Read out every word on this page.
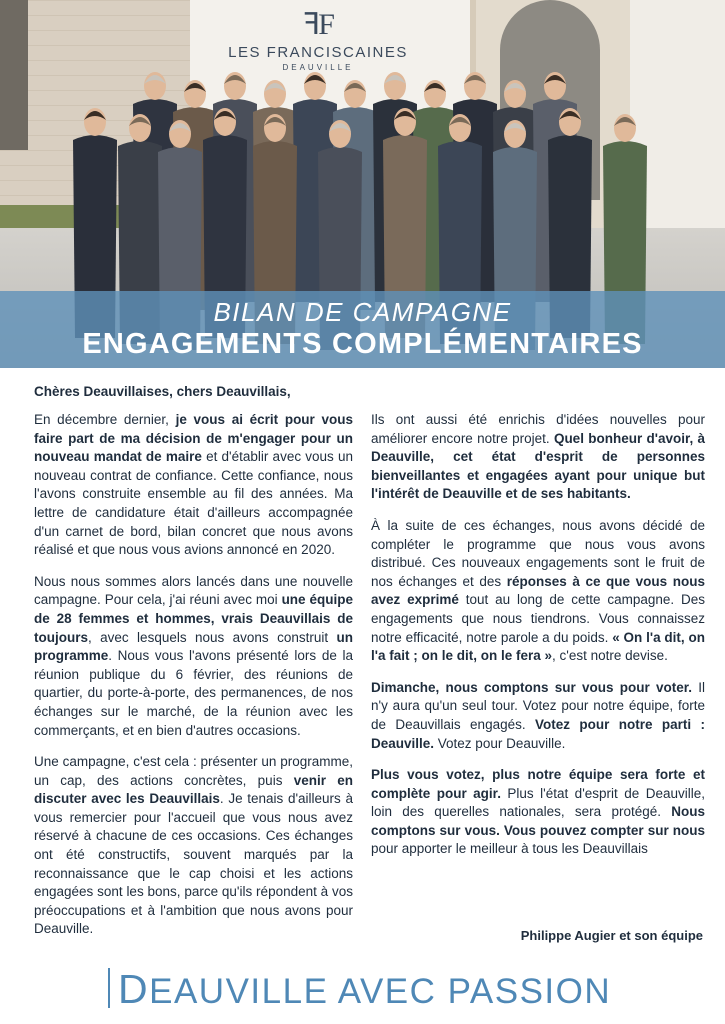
ꟻF
LES FRANCISCAINES
DEAUVILLE
BILAN DE CAMPAGNE
ENGAGEMENTS COMPLÉMENTAIRES
Chères Deauvillaises, chers Deauvillais,

En décembre dernier, je vous ai écrit pour vous faire part de ma décision de m'engager pour un nouveau mandat de maire et d'établir avec vous un nouveau contrat de confiance. Cette confiance, nous l'avons construite ensemble au fil des années. Ma lettre de candidature était d'ailleurs accompagnée d'un carnet de bord, bilan concret que nous avons réalisé et que nous vous avions annoncé en 2020.

Nous nous sommes alors lancés dans une nouvelle campagne. Pour cela, j'ai réuni avec moi une équipe de 28 femmes et hommes, vrais Deauvillais de toujours, avec lesquels nous avons construit un programme. Nous vous l'avons présenté lors de la réunion publique du 6 février, des réunions de quartier, du porte-à-porte, des permanences, de nos échanges sur le marché, de la réunion avec les commerçants, et en bien d'autres occasions.

Une campagne, c'est cela : présenter un programme, un cap, des actions concrètes, puis venir en discuter avec les Deauvillais. Je tenais d'ailleurs à vous remercier pour l'accueil que vous nous avez réservé à chacune de ces occasions. Ces échanges ont été constructifs, souvent marqués par la reconnaissance que le cap choisi et les actions engagées sont les bons, parce qu'ils répondent à vos préoccupations et à l'ambition que nous avons pour Deauville.

Ils ont aussi été enrichis d'idées nouvelles pour améliorer encore notre projet. Quel bonheur d'avoir, à Deauville, cet état d'esprit de personnes bienveillantes et engagées ayant pour unique but l'intérêt de Deauville et de ses habitants.

À la suite de ces échanges, nous avons décidé de compléter le programme que nous vous avons distribué. Ces nouveaux engagements sont le fruit de nos échanges et des réponses à ce que vous nous avez exprimé tout au long de cette campagne. Des engagements que nous tiendrons. Vous connaissez notre efficacité, notre parole a du poids. « On l'a dit, on l'a fait ; on le dit, on le fera », c'est notre devise.

Dimanche, nous comptons sur vous pour voter. Il n'y aura qu'un seul tour. Votez pour notre équipe, forte de Deauvillais engagés. Votez pour notre parti : Deauville. Votez pour Deauville.

Plus vous votez, plus notre équipe sera forte et complète pour agir. Plus l'état d'esprit de Deauville, loin des querelles nationales, sera protégé. Nous comptons sur vous. Vous pouvez compter sur nous pour apporter le meilleur à tous les Deauvillais

Philippe Augier et son équipe
DEAUVILLE AVEC PASSION
